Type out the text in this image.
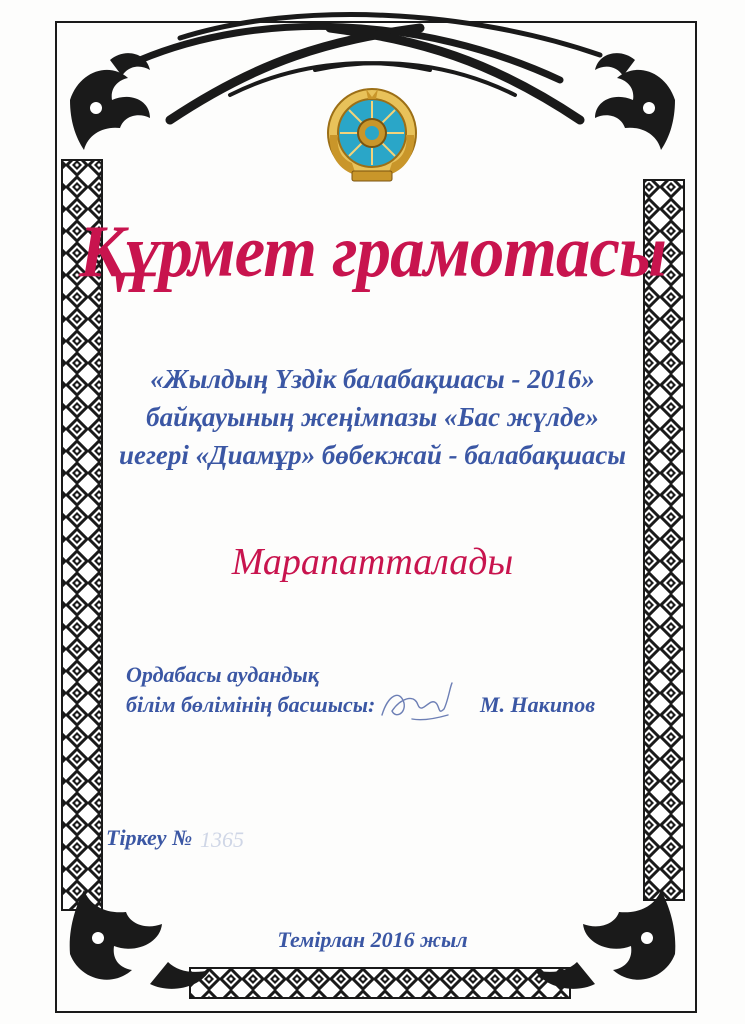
Құрмет грамотасы
«Жылдың Үздік балабақшасы - 2016»
байқауының жеңімпазы «Бас жүлде»
иегері «Диамұр» бөбекжай - балабақшасы
Марапатталады
Ордабасы аудандық
білім бөлімінің басшысы:	М. Накипов
Тіркеу № 1365
Темірлан 2016 жыл
